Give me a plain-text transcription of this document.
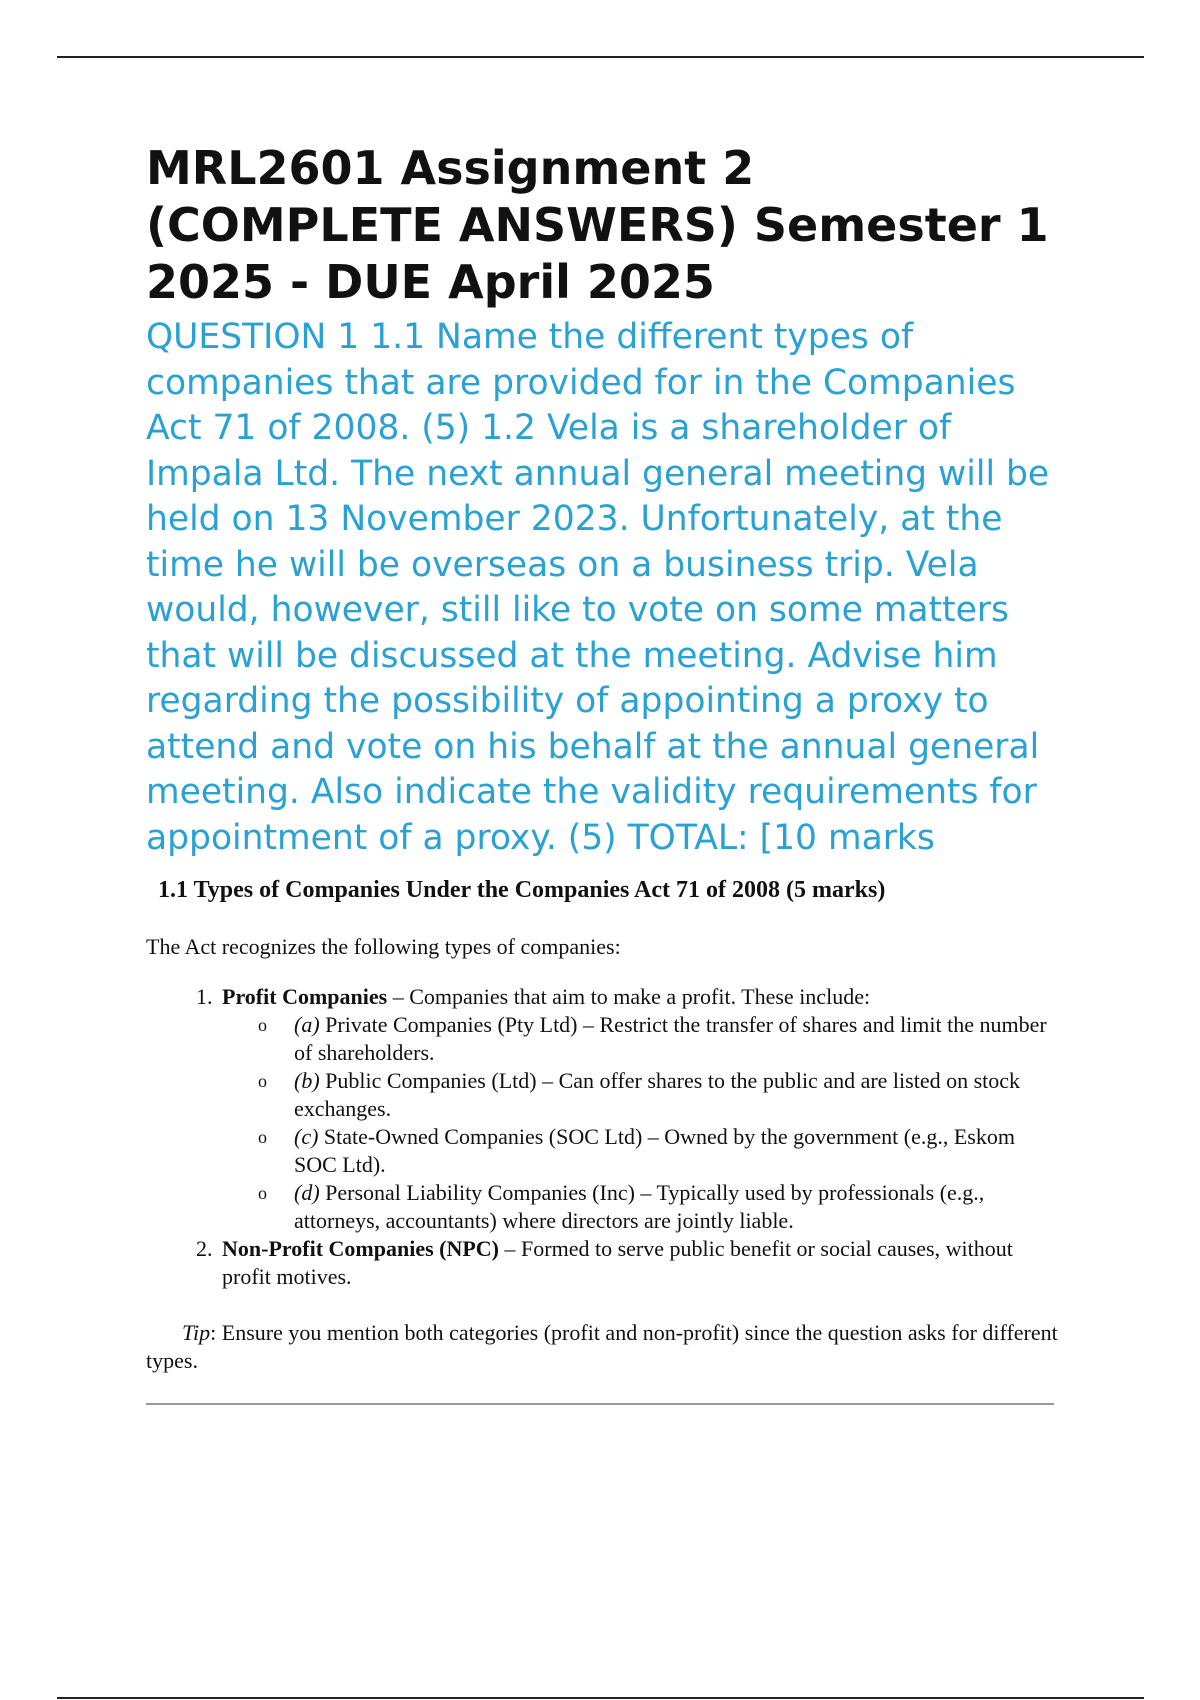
MRL2601 Assignment 2 (COMPLETE ANSWERS) Semester 1 2025 - DUE April 2025

QUESTION 1 1.1 Name the different types of companies that are provided for in the Companies Act 71 of 2008. (5) 1.2 Vela is a shareholder of Impala Ltd. The next annual general meeting will be held on 13 November 2023. Unfortunately, at the time he will be overseas on a business trip. Vela would, however, still like to vote on some matters that will be discussed at the meeting. Advise him regarding the possibility of appointing a proxy to attend and vote on his behalf at the annual general meeting. Also indicate the validity requirements for appointment of a proxy. (5) TOTAL: [10 marks

1.1 Types of Companies Under the Companies Act 71 of 2008 (5 marks)

The Act recognizes the following types of companies:

1. Profit Companies – Companies that aim to make a profit. These include:
o (a) Private Companies (Pty Ltd) – Restrict the transfer of shares and limit the number of shareholders.
o (b) Public Companies (Ltd) – Can offer shares to the public and are listed on stock exchanges.
o (c) State-Owned Companies (SOC Ltd) – Owned by the government (e.g., Eskom SOC Ltd).
o (d) Personal Liability Companies (Inc) – Typically used by professionals (e.g., attorneys, accountants) where directors are jointly liable.
2. Non-Profit Companies (NPC) – Formed to serve public benefit or social causes, without profit motives.

Tip: Ensure you mention both categories (profit and non-profit) since the question asks for different types.
